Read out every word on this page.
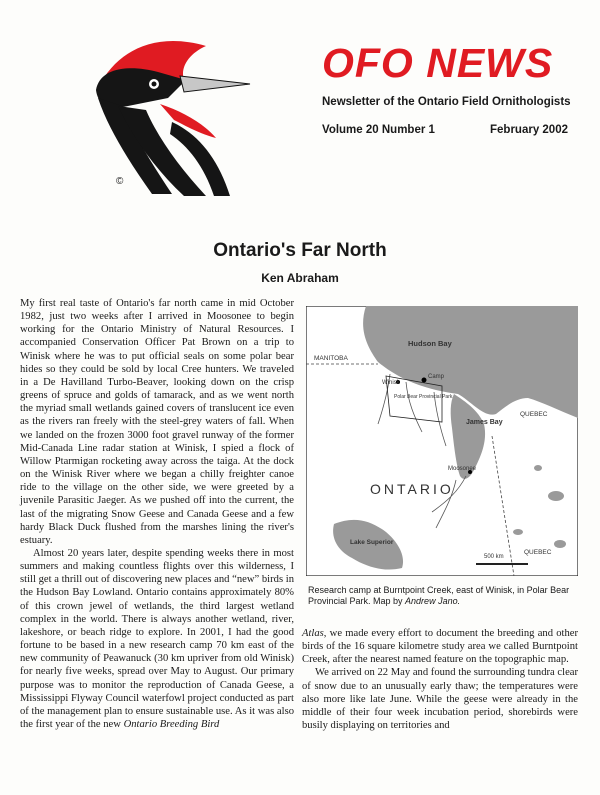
©
OFO NEWS
Newsletter of the Ontario Field Ornithologists
Volume 20 Number 1	February 2002
Ontario's Far North
Ken Abraham

My first real taste of Ontario's far north came in mid October 1982, just two weeks after I arrived in Moosonee to begin working for the Ontario Ministry of Natural Resources. I accompanied Conservation Officer Pat Brown on a trip to Winisk where he was to put official seals on some polar bear hides so they could be sold by local Cree hunters. We traveled in a De Havilland Turbo-Beaver, looking down on the crisp greens of spruce and golds of tamarack, and as we went north the myriad small wetlands gained covers of translucent ice even as the rivers ran freely with the steel-grey waters of fall. When we landed on the frozen 3000 foot gravel runway of the former Mid-Canada Line radar station at Winisk, I spied a flock of Willow Ptarmigan rocketing away across the taiga. At the dock on the Winisk River where we began a chilly freighter canoe ride to the village on the other side, we were greeted by a juvenile Parasitic Jaeger. As we pushed off into the current, the last of the migrating Snow Geese and Canada Geese and a few hardy Black Duck flushed from the marshes lining the river's estuary.

Almost 20 years later, despite spending weeks there in most summers and making countless flights over this wilderness, I still get a thrill out of discovering new places and “new” birds in the Hudson Bay Lowland. Ontario contains approximately 80% of this crown jewel of wetlands, the third largest wetland complex in the world. There is always another wetland, river, lakeshore, or beach ridge to explore. In 2001, I had the good fortune to be based in a new research camp 70 km east of the new community of Peawanuck (30 km upriver from old Winisk) for nearly five weeks, spread over May to August. Our primary purpose was to monitor the reproduction of Canada Geese, a Mississippi Flyway Council waterfowl project conducted as part of the management plan to ensure sustainable use. As it was also the first year of the new Ontario Breeding Bird

Hudson Bay
MANITOBA
Winisk
Camp
Polar Bear Provincial Park
James Bay
QUEBEC
Moosonee
ONTARIO
Lake Superior
500 km
QUEBEC
Research camp at Burntpoint Creek, east of Winisk, in Polar Bear Provincial Park. Map by Andrew Jano.

Atlas, we made every effort to document the breeding and other birds of the 16 square kilometre study area we called Burntpoint Creek, after the nearest named feature on the topographic map.

We arrived on 22 May and found the surrounding tundra clear of snow due to an unusually early thaw; the temperatures were also more like late June. While the geese were already in the middle of their four week incubation period, shorebirds were busily displaying on territories and
